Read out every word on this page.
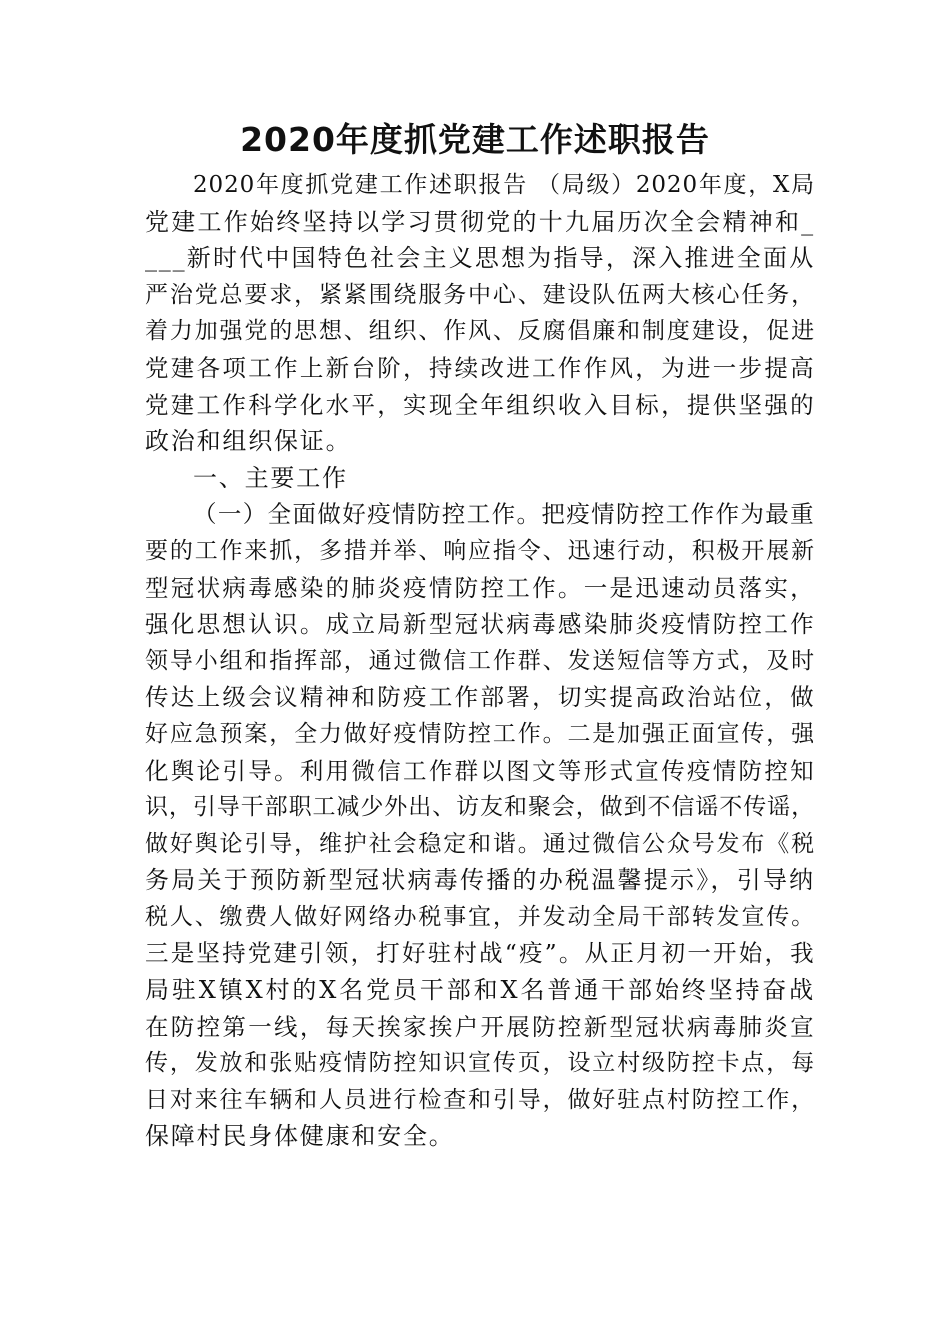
2020年度抓党建工作述职报告
2020年度抓党建工作述职报告 （局级）2020年度，X局
党建工作始终坚持以学习贯彻党的十九届历次全会精神和_
___新时代中国特色社会主义思想为指导，深入推进全面从
严治党总要求，紧紧围绕服务中心、建设队伍两大核心任务，
着力加强党的思想、组织、作风、反腐倡廉和制度建设，促进
党建各项工作上新台阶，持续改进工作作风，为进一步提高
党建工作科学化水平，实现全年组织收入目标，提供坚强的
政治和组织保证。
一、主要工作
（一）全面做好疫情防控工作。把疫情防控工作作为最重
要的工作来抓，多措并举、响应指令、迅速行动，积极开展新
型冠状病毒感染的肺炎疫情防控工作。一是迅速动员落实，
强化思想认识。成立局新型冠状病毒感染肺炎疫情防控工作
领导小组和指挥部，通过微信工作群、发送短信等方式，及时
传达上级会议精神和防疫工作部署，切实提高政治站位，做
好应急预案，全力做好疫情防控工作。二是加强正面宣传，强
化舆论引导。利用微信工作群以图文等形式宣传疫情防控知
识，引导干部职工减少外出、访友和聚会，做到不信谣不传谣，
做好舆论引导，维护社会稳定和谐。通过微信公众号发布《税
务局关于预防新型冠状病毒传播的办税温馨提示》，引导纳
税人、缴费人做好网络办税事宜，并发动全局干部转发宣传。
三是坚持党建引领，打好驻村战“疫”。从正月初一开始，我
局驻X镇X村的X名党员干部和X名普通干部始终坚持奋战
在防控第一线，每天挨家挨户开展防控新型冠状病毒肺炎宣
传，发放和张贴疫情防控知识宣传页，设立村级防控卡点，每
日对来往车辆和人员进行检查和引导，做好驻点村防控工作，
保障村民身体健康和安全。
